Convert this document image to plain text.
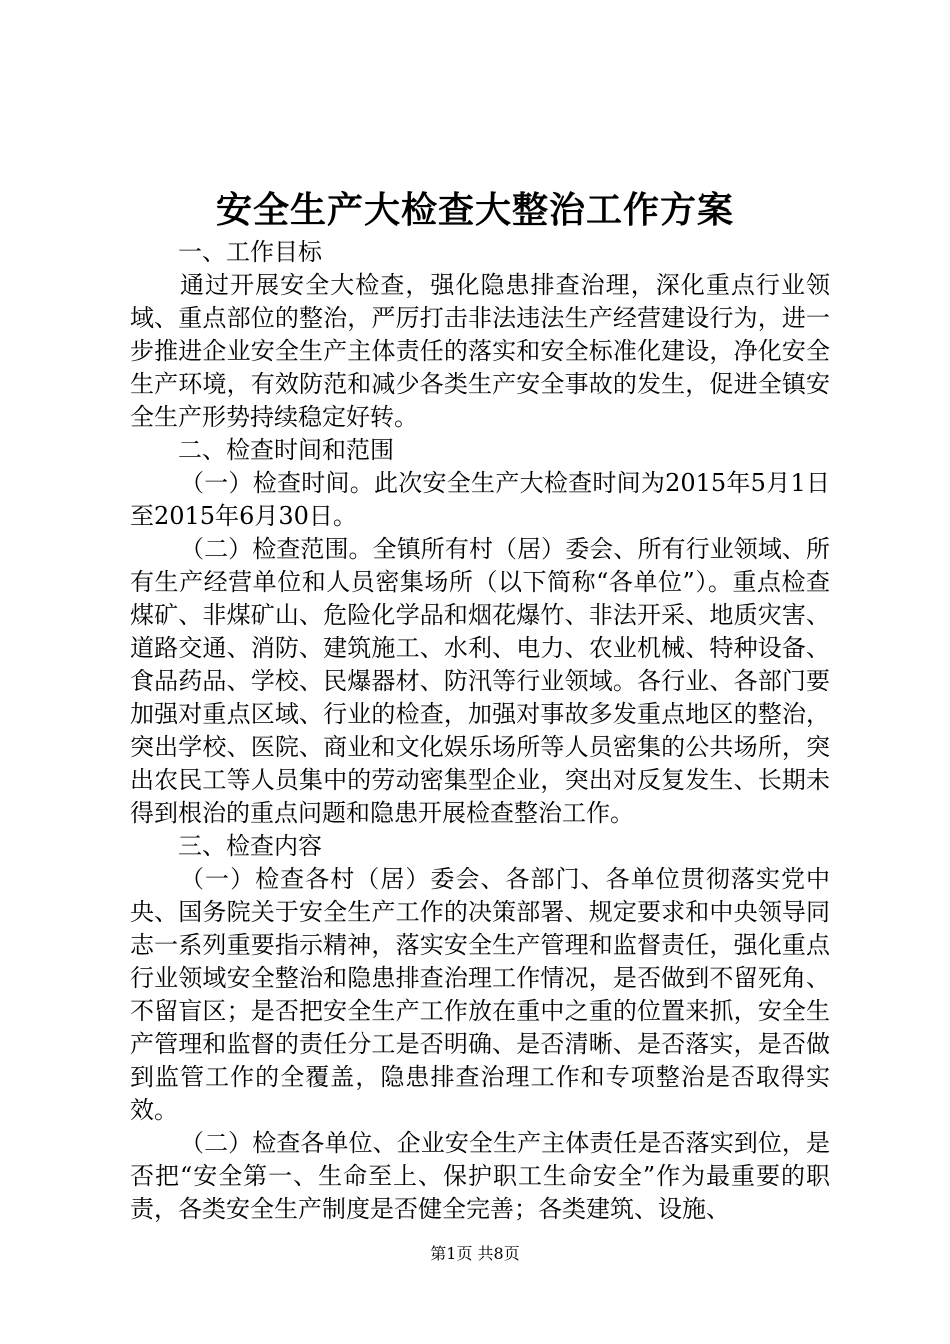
安全生产大检查大整治工作方案

一、工作目标

通过开展安全大检查，强化隐患排查治理，深化重点行业领域、重点部位的整治，严厉打击非法违法生产经营建设行为，进一步推进企业安全生产主体责任的落实和安全标准化建设，净化安全生产环境，有效防范和减少各类生产安全事故的发生，促进全镇安全生产形势持续稳定好转。

二、检查时间和范围

（一）检查时间。此次安全生产大检查时间为2015年5月1日至2015年6月30日。

（二）检查范围。全镇所有村（居）委会、所有行业领域、所有生产经营单位和人员密集场所（以下简称“各单位”）。重点检查煤矿、非煤矿山、危险化学品和烟花爆竹、非法开采、地质灾害、道路交通、消防、建筑施工、水利、电力、农业机械、特种设备、食品药品、学校、民爆器材、防汛等行业领域。各行业、各部门要加强对重点区域、行业的检查，加强对事故多发重点地区的整治，突出学校、医院、商业和文化娱乐场所等人员密集的公共场所，突出农民工等人员集中的劳动密集型企业，突出对反复发生、长期未得到根治的重点问题和隐患开展检查整治工作。

三、检查内容

（一）检查各村（居）委会、各部门、各单位贯彻落实党中央、国务院关于安全生产工作的决策部署、规定要求和中央领导同志一系列重要指示精神，落实安全生产管理和监督责任，强化重点行业领域安全整治和隐患排查治理工作情况，是否做到不留死角、不留盲区；是否把安全生产工作放在重中之重的位置来抓，安全生产管理和监督的责任分工是否明确、是否清晰、是否落实，是否做到监管工作的全覆盖，隐患排查治理工作和专项整治是否取得实效。

（二）检查各单位、企业安全生产主体责任是否落实到位，是否把“安全第一、生命至上、保护职工生命安全”作为最重要的职责，各类安全生产制度是否健全完善；各类建筑、设施、

第1页 共8页
